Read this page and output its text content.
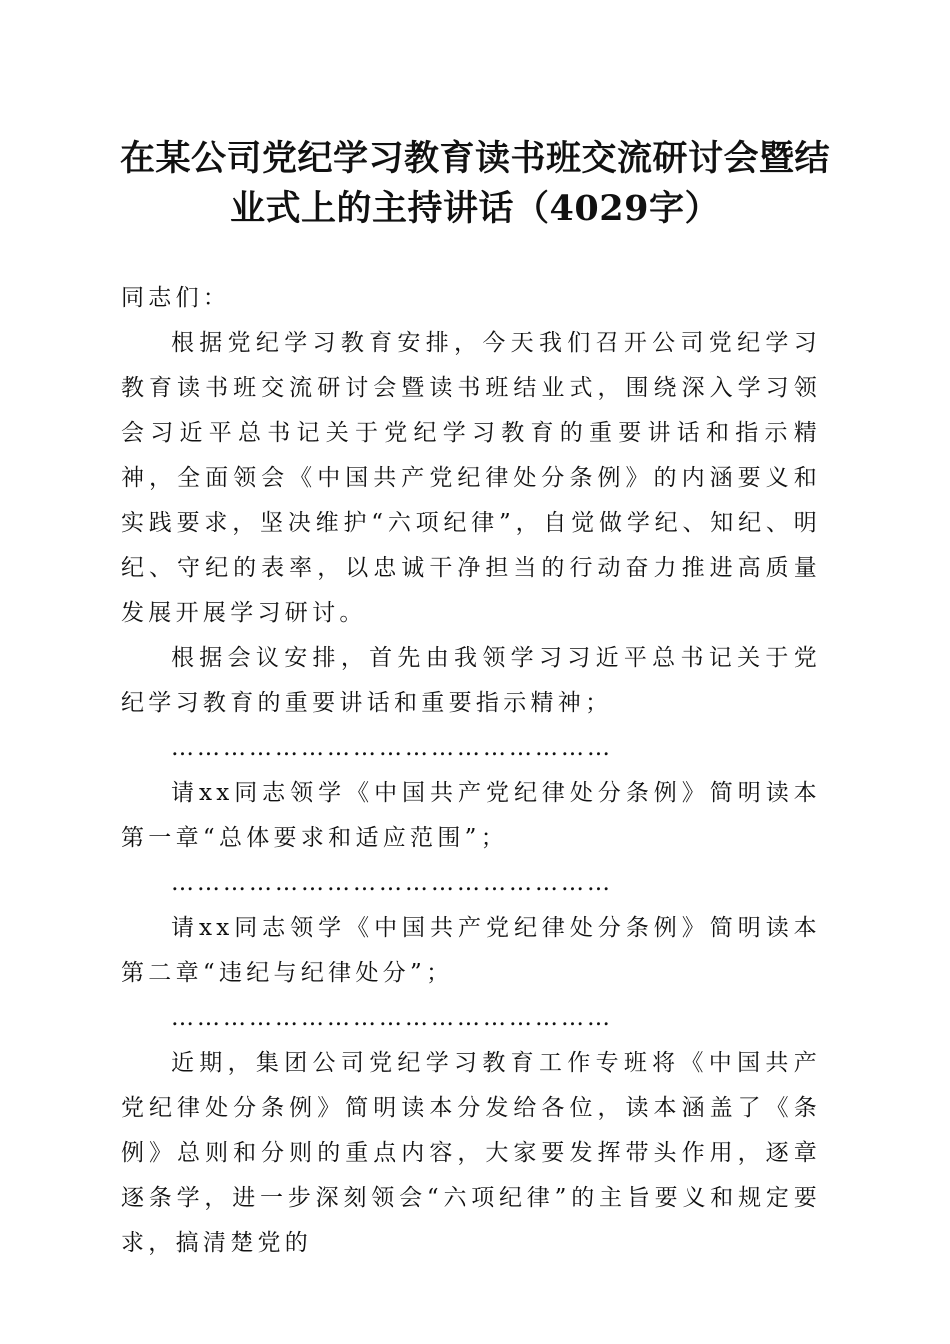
在某公司党纪学习教育读书班交流研讨会暨结业式上的主持讲话（4029字）

同志们：

根据党纪学习教育安排，今天我们召开公司党纪学习教育读书班交流研讨会暨读书班结业式，围绕深入学习领会习近平总书记关于党纪学习教育的重要讲话和指示精神，全面领会《中国共产党纪律处分条例》的内涵要义和实践要求，坚决维护“六项纪律”，自觉做学纪、知纪、明纪、守纪的表率，以忠诚干净担当的行动奋力推进高质量发展开展学习研讨。

根据会议安排，首先由我领学习习近平总书记关于党纪学习教育的重要讲话和重要指示精神；

……………………………………………

请xx同志领学《中国共产党纪律处分条例》简明读本第一章“总体要求和适应范围”；

……………………………………………

请xx同志领学《中国共产党纪律处分条例》简明读本第二章“违纪与纪律处分”；

……………………………………………

近期，集团公司党纪学习教育工作专班将《中国共产党纪律处分条例》简明读本分发给各位，读本涵盖了《条例》总则和分则的重点内容，大家要发挥带头作用，逐章逐条学，进一步深刻领会“六项纪律”的主旨要义和规定要求，搞清楚党的
